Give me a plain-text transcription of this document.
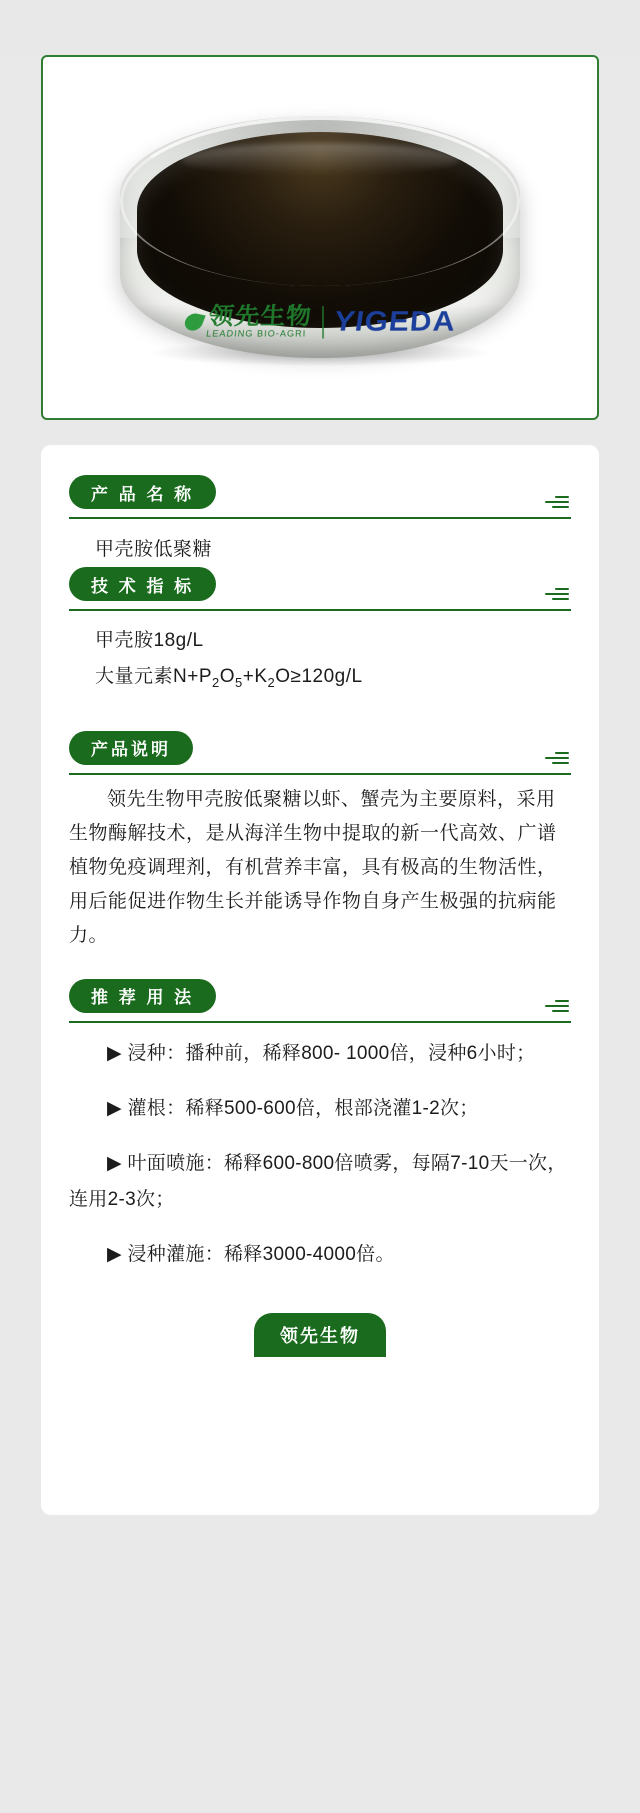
领先生物
LEADING BIO-AGRI YIGEDA
产 品 名 称

甲壳胺低聚糖

技 术 指 标
甲壳胺18g/L
大量元素$N+P_2O_5+K_2O\ge 120g/L$
产品说明

领先生物甲壳胺低聚糖以虾、蟹壳为主要原料，采用生物酶解技术，是从海洋生物中提取的新一代高效、广谱植物免疫调理剂，有机营养丰富，具有极高的生物活性，用后能促进作物生长并能诱导作物自身产生极强的抗病能力。

推 荐 用 法

▶ 浸种：播种前，稀释800- 1000倍，浸种6小时；

▶ 灌根：稀释500-600倍，根部浇灌1-2次；

▶ 叶面喷施：稀释600-800倍喷雾，每隔7-10天一次，连用2-3次；

▶ 浸种灌施：稀释3000-4000倍。

领先生物
